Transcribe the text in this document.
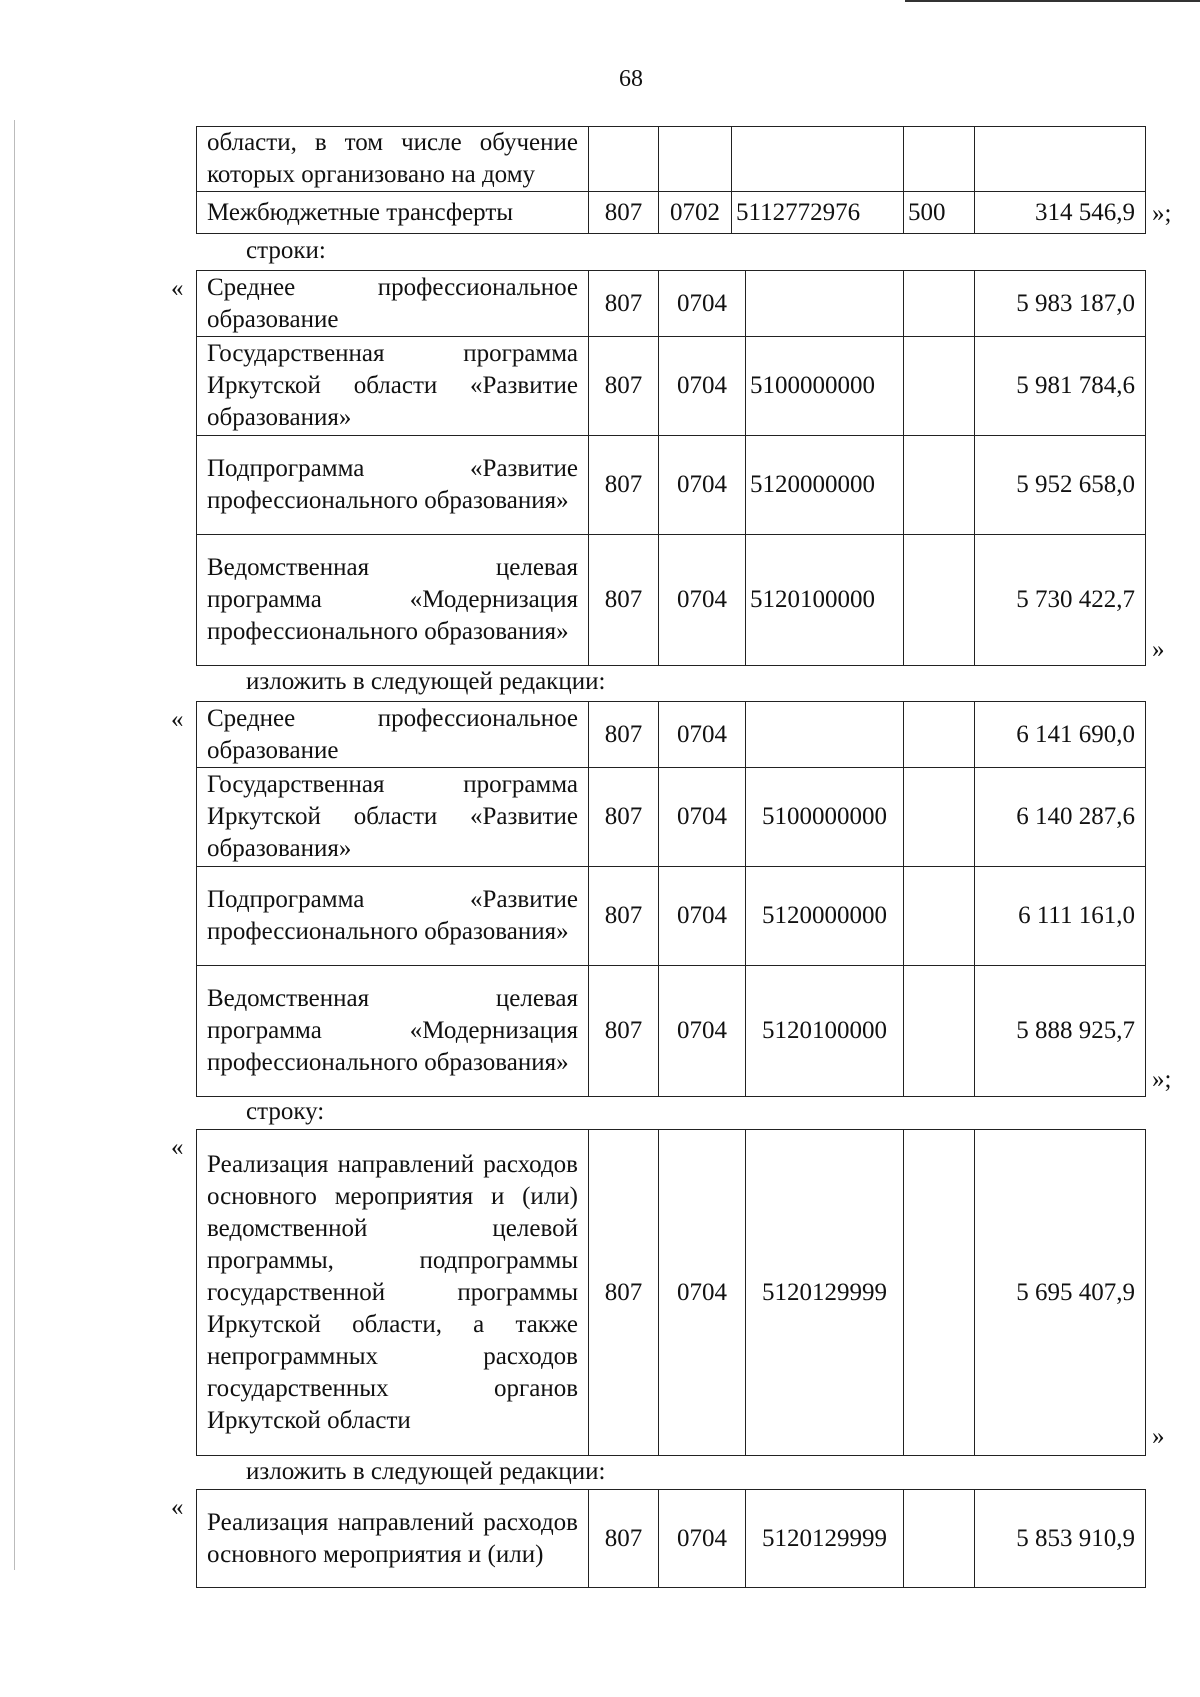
68
области, в том числе обучение которых организовано на дому					
Межбюджетные трансферты	807	0702	5112772976	500	314 546,9 »;
строки:
« Среднее профессиональное образование	807	0704			5 983 187,0
Государственная программа Иркутской области «Развитие образования»	807	0704	5100000000		5 981 784,6
Подпрограмма «Развитие профессионального образования»	807	0704	5120000000		5 952 658,0
Ведомственная целевая программа «Модернизация профессионального образования»	807	0704	5120100000		5 730 422,7
»
изложить в следующей редакции:
« Среднее профессиональное образование	807	0704			6 141 690,0
Государственная программа Иркутской области «Развитие образования»	807	0704	5100000000		6 140 287,6
Подпрограмма «Развитие профессионального образования»	807	0704	5120000000		6 111 161,0
Ведомственная целевая программа «Модернизация профессионального образования»	807	0704	5120100000		5 888 925,7
»;
строку:
«
Реализация направлений расходов основного мероприятия и (или) ведомственной целевой программы, подпрограммы государственной программы Иркутской области, а также непрограммных расходов государственных органов Иркутской области	807	0704	5120129999		5 695 407,9
»
изложить в следующей редакции:
«
Реализация направлений расходов основного мероприятия и (или)	807	0704	5120129999		5 853 910,9
